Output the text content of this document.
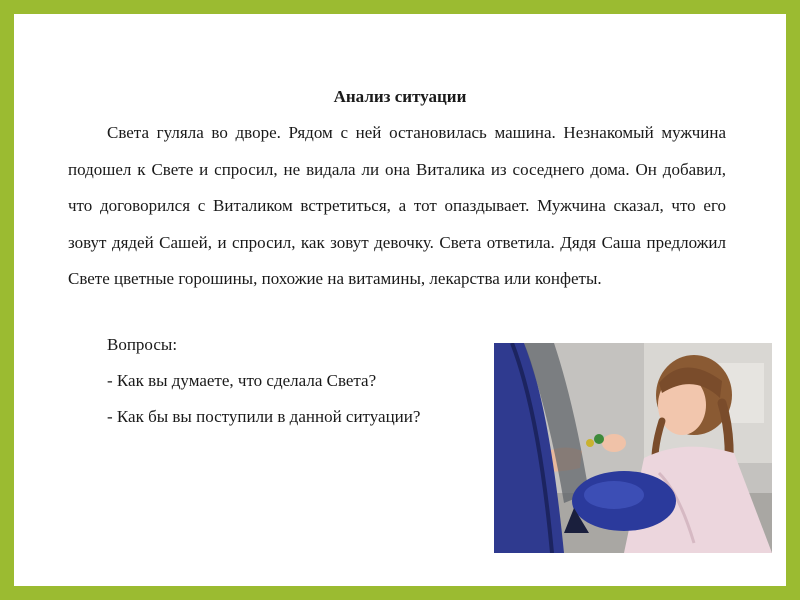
Анализ ситуации

Света гуляла во дворе. Рядом с ней остановилась машина. Незнакомый мужчина подошел к Свете и спросил, не видала ли она Виталика из соседнего дома. Он добавил, что договорился с Виталиком встретиться, а тот опаздывает. Мужчина сказал, что его зовут дядей Сашей, и спросил, как зовут девочку. Света ответила. Дядя Саша предложил Свете цветные горошины, похожие на витамины, лекарства или конфеты.

Вопросы:
- Как вы думаете, что сделала Света?
- Как бы вы поступили в данной ситуации?
